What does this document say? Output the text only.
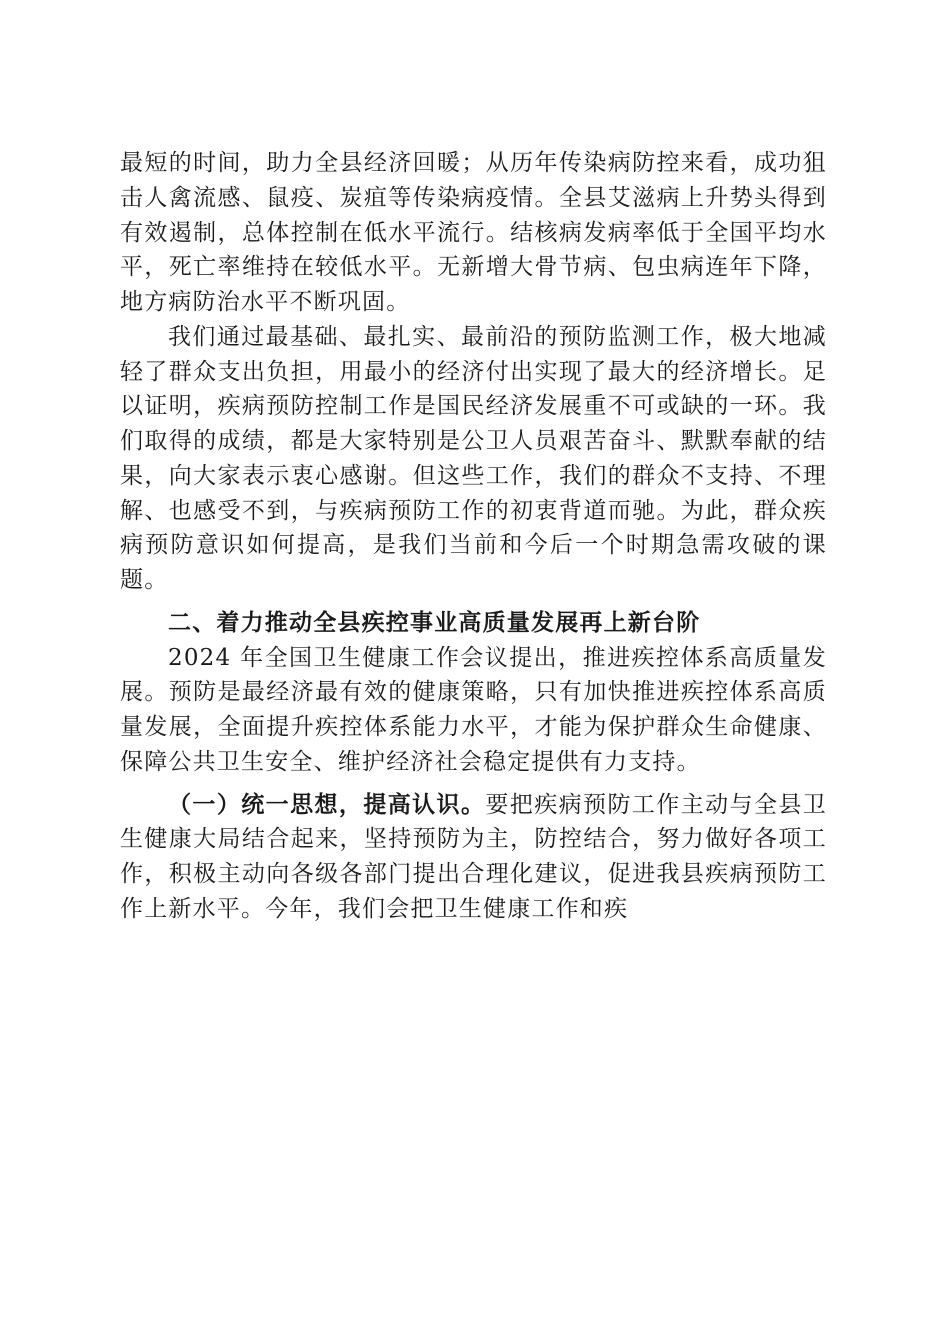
最短的时间，助力全县经济回暖；从历年传染病防控来看，成功狙击人禽流感、鼠疫、炭疽等传染病疫情。全县艾滋病上升势头得到有效遏制，总体控制在低水平流行。结核病发病率低于全国平均水平，死亡率维持在较低水平。无新增大骨节病、包虫病连年下降，地方病防治水平不断巩固。

我们通过最基础、最扎实、最前沿的预防监测工作，极大地减轻了群众支出负担，用最小的经济付出实现了最大的经济增长。足以证明，疾病预防控制工作是国民经济发展重不可或缺的一环。我们取得的成绩，都是大家特别是公卫人员艰苦奋斗、默默奉献的结果，向大家表示衷心感谢。但这些工作，我们的群众不支持、不理解、也感受不到，与疾病预防工作的初衷背道而驰。为此，群众疾病预防意识如何提高，是我们当前和今后一个时期急需攻破的课题。

二、着力推动全县疾控事业高质量发展再上新台阶

2024 年全国卫生健康工作会议提出，推进疾控体系高质量发展。预防是最经济最有效的健康策略，只有加快推进疾控体系高质量发展，全面提升疾控体系能力水平，才能为保护群众生命健康、保障公共卫生安全、维护经济社会稳定提供有力支持。

（一）统一思想，提高认识。要把疾病预防工作主动与全县卫生健康大局结合起来，坚持预防为主，防控结合，努力做好各项工作，积极主动向各级各部门提出合理化建议，促进我县疾病预防工作上新水平。今年，我们会把卫生健康工作和疾
